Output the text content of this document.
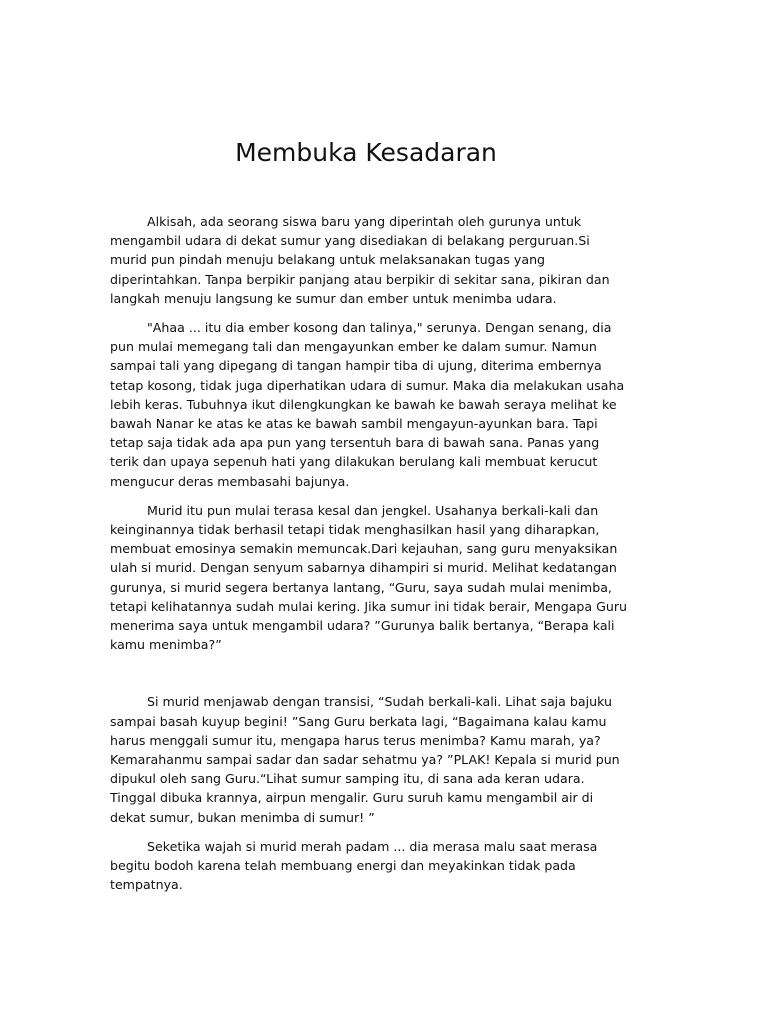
Membuka Kesadaran

Alkisah, ada seorang siswa baru yang diperintah oleh gurunya untuk mengambil udara di dekat sumur yang disediakan di belakang perguruan.Si murid pun pindah menuju belakang untuk melaksanakan tugas yang diperintahkan. Tanpa berpikir panjang atau berpikir di sekitar sana, pikiran dan langkah menuju langsung ke sumur dan ember untuk menimba udara.

"Ahaa ... itu dia ember kosong dan talinya," serunya. Dengan senang, dia pun mulai memegang tali dan mengayunkan ember ke dalam sumur. Namun sampai tali yang dipegang di tangan hampir tiba di ujung, diterima embernya tetap kosong, tidak juga diperhatikan udara di sumur. Maka dia melakukan usaha lebih keras. Tubuhnya ikut dilengkungkan ke bawah ke bawah seraya melihat ke bawah Nanar ke atas ke atas ke bawah sambil mengayun-ayunkan bara. Tapi tetap saja tidak ada apa pun yang tersentuh bara di bawah sana. Panas yang terik dan upaya sepenuh hati yang dilakukan berulang kali membuat kerucut mengucur deras membasahi bajunya.

Murid itu pun mulai terasa kesal dan jengkel. Usahanya berkali-kali dan keinginannya tidak berhasil tetapi tidak menghasilkan hasil yang diharapkan, membuat emosinya semakin memuncak.Dari kejauhan, sang guru menyaksikan ulah si murid. Dengan senyum sabarnya dihampiri si murid. Melihat kedatangan gurunya, si murid segera bertanya lantang, “Guru, saya sudah mulai menimba, tetapi kelihatannya sudah mulai kering. Jika sumur ini tidak berair, Mengapa Guru menerima saya untuk mengambil udara? ”Gurunya balik bertanya, “Berapa kali kamu menimba?”

Si murid menjawab dengan transisi, “Sudah berkali-kali. Lihat saja bajuku sampai basah kuyup begini! ”Sang Guru berkata lagi, “Bagaimana kalau kamu harus menggali sumur itu, mengapa harus terus menimba? Kamu marah, ya? Kemarahanmu sampai sadar dan sadar sehatmu ya? ”PLAK! Kepala si murid pun dipukul oleh sang Guru.“Lihat sumur samping itu, di sana ada keran udara. Tinggal dibuka krannya, airpun mengalir. Guru suruh kamu mengambil air di dekat sumur, bukan menimba di sumur! ”

Seketika wajah si murid merah padam ... dia merasa malu saat merasa begitu bodoh karena telah membuang energi dan meyakinkan tidak pada tempatnya.
